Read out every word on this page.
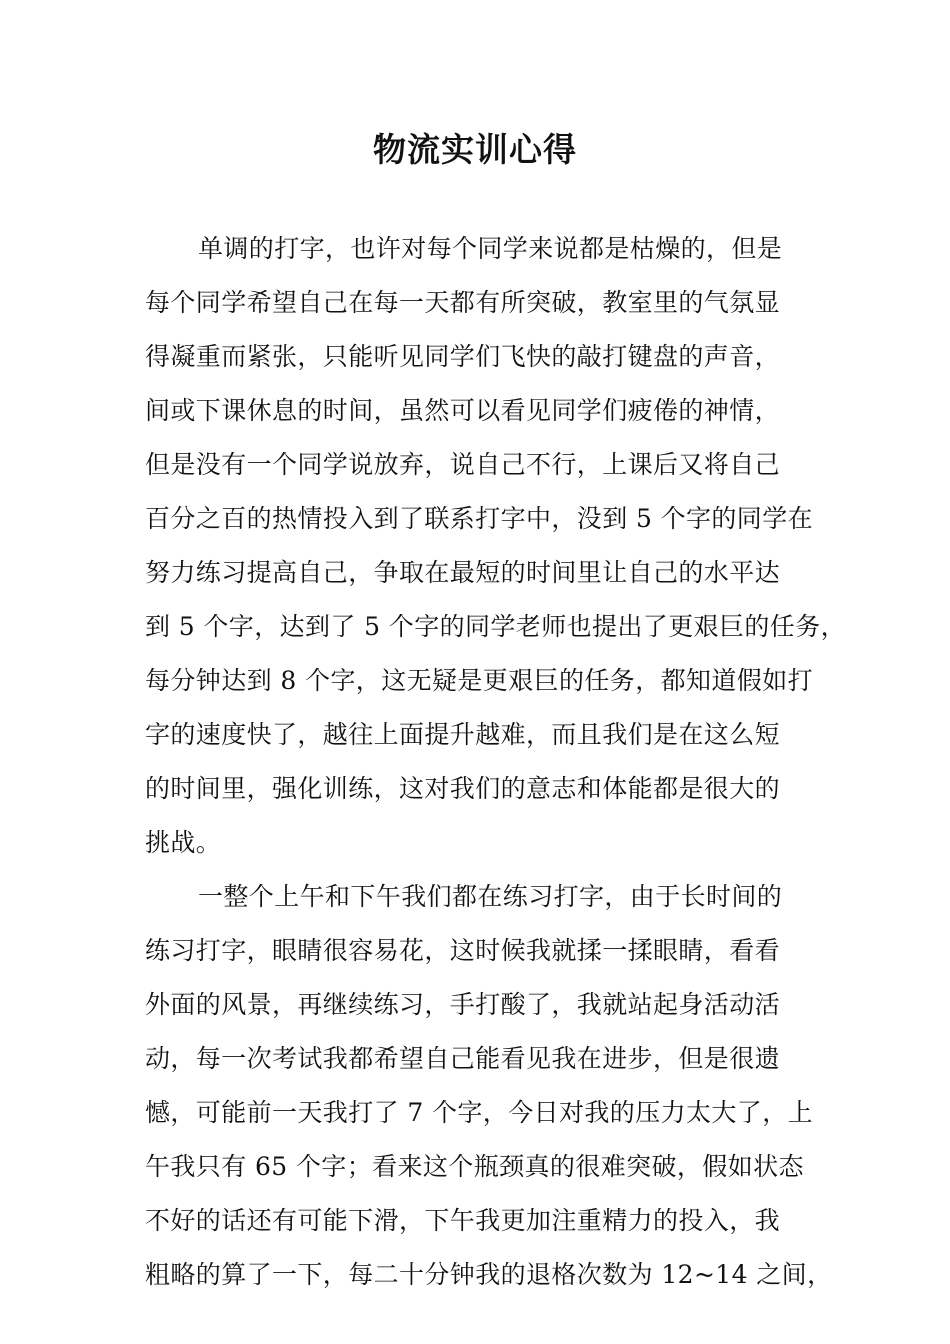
物流实训心得
单调的打字，也许对每个同学来说都是枯燥的，但是
每个同学希望自己在每一天都有所突破，教室里的气氛显
得凝重而紧张，只能听见同学们飞快的敲打键盘的声音，
间或下课休息的时间，虽然可以看见同学们疲倦的神情，
但是没有一个同学说放弃，说自己不行，上课后又将自己
百分之百的热情投入到了联系打字中，没到 5 个字的同学在
努力练习提高自己，争取在最短的时间里让自己的水平达
到 5 个字，达到了 5 个字的同学老师也提出了更艰巨的任务，
每分钟达到 8 个字，这无疑是更艰巨的任务，都知道假如打
字的速度快了，越往上面提升越难，而且我们是在这么短
的时间里，强化训练，这对我们的意志和体能都是很大的
挑战。
一整个上午和下午我们都在练习打字，由于长时间的
练习打字，眼睛很容易花，这时候我就揉一揉眼睛，看看
外面的风景，再继续练习，手打酸了，我就站起身活动活
动，每一次考试我都希望自己能看见我在进步，但是很遗
憾，可能前一天我打了 7 个字，今日对我的压力太大了，上
午我只有 65 个字；看来这个瓶颈真的很难突破，假如状态
不好的话还有可能下滑，下午我更加注重精力的投入，我
粗略的算了一下，每二十分钟我的退格次数为 12~14 之间，
